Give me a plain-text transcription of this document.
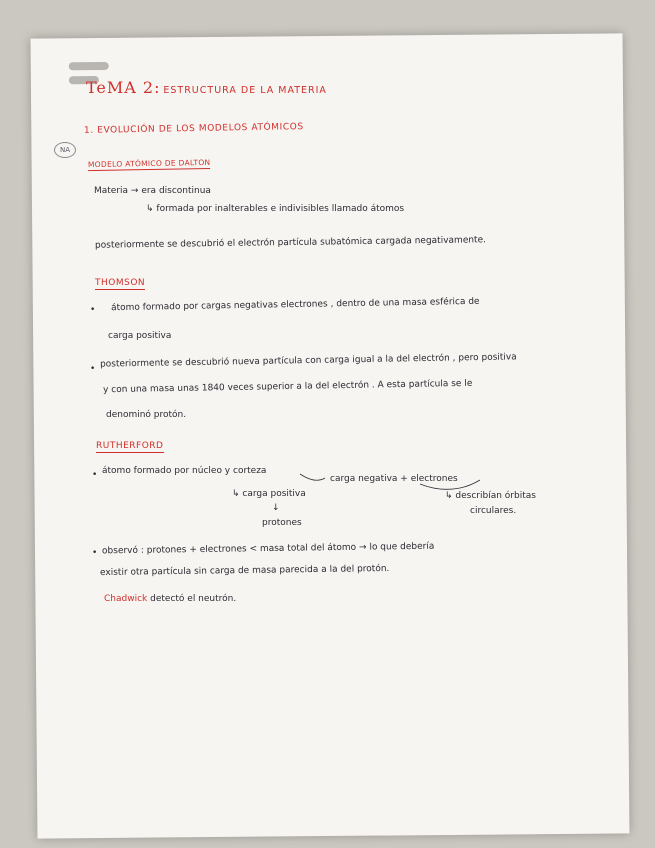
TeMA 2: ESTRUCTURA DE LA MATERIA
NA
1. EVOLUCIÓN DE LOS MODELOS ATÓMICOS
MODELO ATÓMICO DE DALTON
Materia → era discontinua
↳ formada por inalterables e indivisibles llamado átomos
posteriormente se descubrió el electrón partícula subatómica cargada negativamente.
THOMSON
• átomo formado por cargas negativas electrones , dentro de una masa esférica de
carga positiva
• posteriormente se descubrió nueva partícula con carga igual a la del electrón , pero positiva
y con una masa unas 1840 veces superior a la del electrón . A esta partícula se le
denominó protón.
RUTHERFORD
• átomo formado por núcleo y corteza
carga negativa + electrones
↳ describían órbitas
circulares.
↳ carga positiva
↓
protones
• observó : protones + electrones < masa total del átomo → lo que debería
existir otra partícula sin carga de masa parecida a la del protón.
Chadwick detectó el neutrón.
